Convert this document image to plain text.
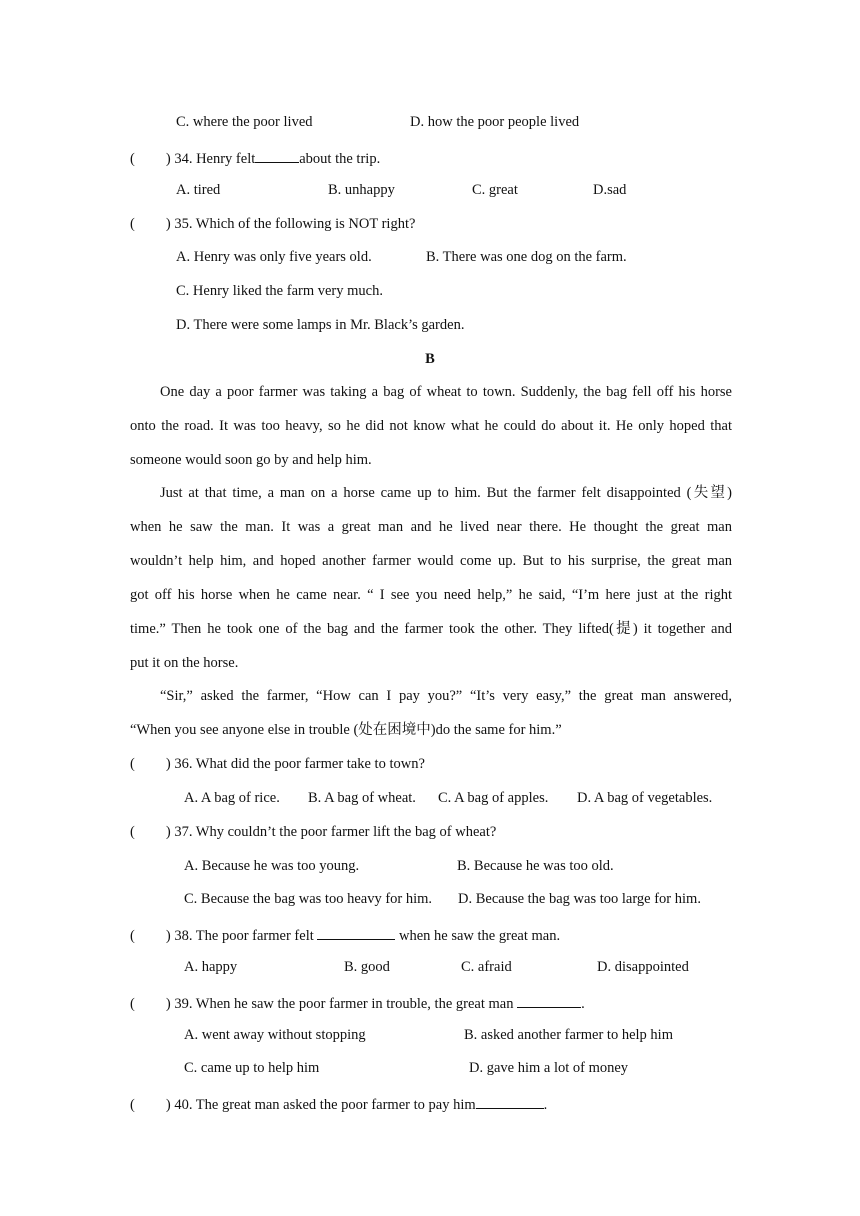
C. where the poor lived	D. how the poor people lived
( ) 34. Henry felt	about the trip.
A. tired	B. unhappy	C. great	D.sad
( ) 35. Which of the following is NOT right?
A. Henry was only five years old.	B. There was one dog on the farm.
C. Henry liked the farm very much.
D. There were some lamps in Mr. Black’s garden.
B
One day a poor farmer was taking a bag of wheat to town. Suddenly, the bag fell off his horse
onto the road. It was too heavy, so he did not know what he could do about it. He only hoped that
someone would soon go by and help him.
Just at that time, a man on a horse came up to him. But the farmer felt disappointed (失望)
when he saw the man. It was a great man and he lived near there. He thought the great man
wouldn’t help him, and hoped another farmer would come up. But to his surprise, the great man
got off his horse when he came near. “ I see you need help,” he said, “I’m here just at the right
time.” Then he took one of the bag and the farmer took the other. They lifted(提) it together and
put it on the horse.
“Sir,” asked the farmer, “How can I pay you?” “It’s very easy,” the great man answered,
“When you see anyone else in trouble (处在困境中)do the same for him.”
( ) 36. What did the poor farmer take to town?
A. A bag of rice. B. A bag of wheat. C. A bag of apples. D. A bag of vegetables.
( ) 37. Why couldn’t the poor farmer lift the bag of wheat?
A. Because he was too young.	B. Because he was too old.
C. Because the bag was too heavy for him. D. Because the bag was too large for him.
( ) 38. The poor farmer felt	when he saw the great man.
A. happy	B. good	C. afraid	D. disappointed
( ) 39. When he saw the poor farmer in trouble, the great man	.
A. went away without stopping	B. asked another farmer to help him
C. came up to help him	D. gave him a lot of money
( ) 40. The great man asked the poor farmer to pay him	.
